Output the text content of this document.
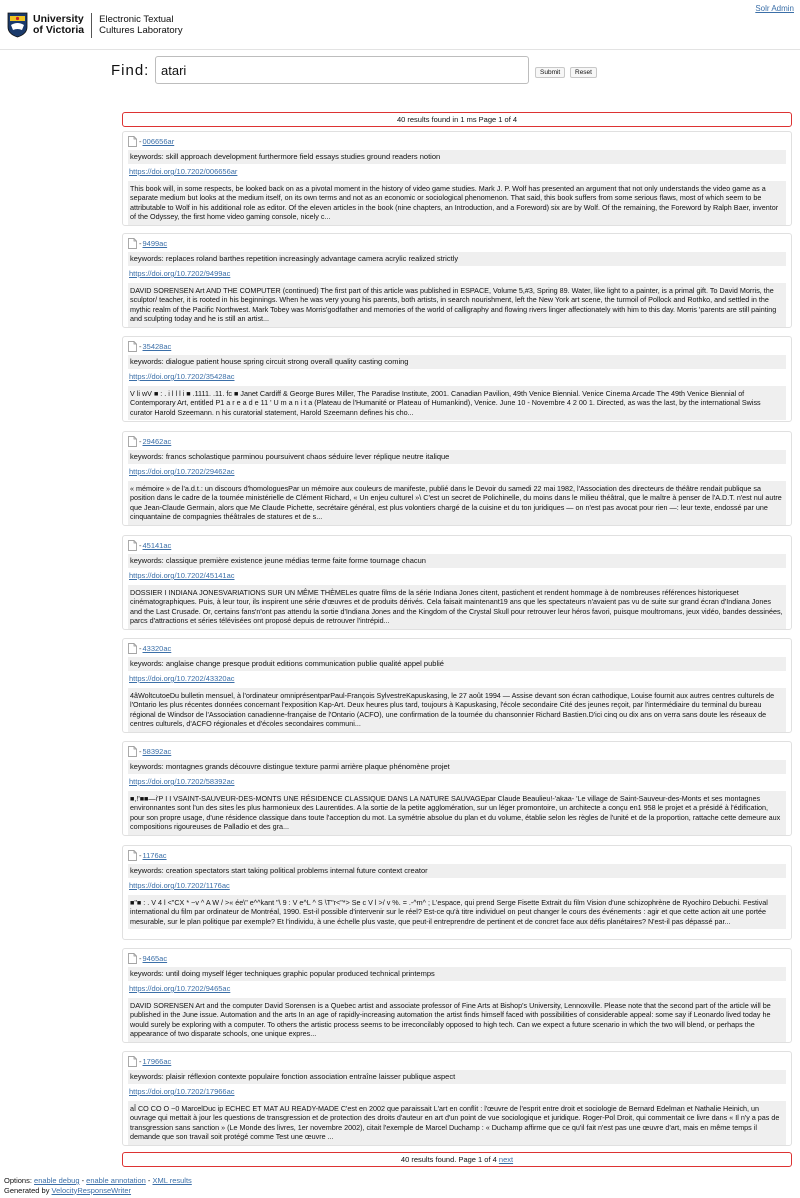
University
of Victoria
Electronic Textual
Cultures Laboratory
Solr Admin
Find:
atari	Submit	Reset
40 results found in 1 ms Page 1 of 4
- 006656ar
keywords: skill approach development furthermore field essays studies ground readers notion
https://doi.org/10.7202/006656ar
This book will, in some respects, be looked back on as a pivotal moment in the history of video game studies. Mark J. P. Wolf has presented an argument that not only understands the video game as a separate medium but looks at the medium itself, on its own terms and not as an economic or sociological phenomenon. That said, this book suffers from some serious flaws, most of which seem to be attributable to Wolf in his additional role as editor. Of the eleven articles in the book (nine chapters, an Introduction, and a Foreword) six are by Wolf. Of the remaining, the Foreword by Ralph Baer, inventor of the Odyssey, the first home video gaming console, nicely c...
- 9499ac
keywords: replaces roland barthes repetition increasingly advantage camera acrylic realized strictly
https://doi.org/10.7202/9499ac
DAVID SORENSEN Art AND THE COMPUTER (continued) The first part of this article was published in ESPACE, Volume 5,#3, Spring 89. Water, like light to a painter, is a primal gift. To David Morris, the sculptor/ teacher, it is rooted in his beginnings. When he was very young his parents, both artists, in search nourishment, left the New York art scene, the turmoil of Pollock and Rothko, and settled in the mythic realm of the Pacific Northwest. Mark Tobey was Morris'godfather and memories of the world of calligraphy and flowing rivers linger affectionately with him to this day. Morris 'parents are still painting and sculpting today and he is still an artist...
- 35428ac
keywords: dialogue patient house spring circuit strong overall quality casting coming
https://doi.org/10.7202/35428ac
V li wV ■ : . i l l l i ■ .1111. .11. fc ■ Janet Cardiff & George Bures Miller, The Paradise Institute, 2001. Canadian Pavilion, 49th Venice Biennial. Venice Cinema Arcade The 49th Venice Biennial of Contemporary Art, entitled P1 a r e a d e 11 ' U m a n i t a (Plateau de l'Humanité or Plateau of Humankind), Venice. June 10 - Novembre 4 2 00 1. Directed, as was the last, by the international Swiss curator Harold Szeemann. n his curatorial statement, Harold Szeemann defines his cho...
- 29462ac
keywords: francs scholastique parminou poursuivent chaos séduire lever réplique neutre italique
https://doi.org/10.7202/29462ac
« mémoire » de l'a.d.t.: un discours d'homologuesPar un mémoire aux couleurs de manifeste, publié dans le Devoir du samedi 22 mai 1982, l'Association des directeurs de théâtre rendait publique sa position dans le cadre de la tournée ministérielle de Clément Richard, « Un enjeu culturel »\ C'est un secret de Polichinelle, du moins dans le milieu théâtral, que le maître à penser de l'A.D.T. n'est nul autre que Jean-Claude Germain, alors que Me Claude Pichette, secrétaire général, est plus volontiers chargé de la cuisine et du ton juridiques — on n'est pas avocat pour rien —: leur texte, endossé par une cinquantaine de compagnies théâtrales de statures et de s...
- 45141ac
keywords: classique première existence jeune médias terme faite forme tournage chacun
https://doi.org/10.7202/45141ac
DOSSIER I INDIANA JONESVARIATIONS SUR UN MÊME THÈMELes quatre films de la série Indiana Jones citent, pastichent et rendent hommage à de nombreuses références historiqueset cinématographiques. Puis, à leur tour, ils inspirent une série d'œuvres et de produits dérivés. Cela faisait maintenant19 ans que les spectateurs n'avaient pas vu de suite sur grand écran d'Indiana Jones and the Last Crusade. Or, certains fans'n'ont pas attendu la sortie d'Indiana Jones and the Kingdom of the Crystal Skull pour retrouver leur héros favori, puisque moultromans, jeux vidéo, bandes dessinées, parcs d'attractions et séries télévisées ont proposé depuis de retrouver l'intrépid...
- 43320ac
keywords: anglaise change presque produit editions communication publie qualité appel publié
https://doi.org/10.7202/43320ac
4âWoltcutoeDu bulletin mensuel, à l'ordinateur omniprésentparPaul-François SylvestreKapuskasing, le 27 août 1994 — Assise devant son écran cathodique, Louise fournit aux autres centres culturels de l'Ontario les plus récentes données concernant l'exposition Kap-Art. Deux heures plus tard, toujours à Kapuskasing, l'école secondaire Cité des jeunes reçoit, par l'intermédiaire du terminal du bureau régional de Windsor de l'Association canadienne-française de l'Ontario (ACFO), une confirmation de la tournée du chansonnier Richard Bastien.D'ici cinq ou dix ans on verra sans doute les réseaux de centres culturels, d'ACFO régionales et d'écoles secondaires communi...
- 58392ac
keywords: montagnes grands découvre distingue texture parmi arrière plaque phénomène projet
https://doi.org/10.7202/58392ac
■,!'■■—i'P I I VSAINT-SAUVEUR-DES-MONTS UNE RÉSIDENCE CLASSIQUE DANS LA NATURE SAUVAGEpar Claude Beaulieu!-'akaa- 'Le village de Saint-Sauveur-des-Monts et ses montagnes environnantes sont l'un des sites les plus harmonieux des Laurentides. A la sortie de la petite agglomération, sur un léger promontoire, un architecte a conçu en1 958 le projet et a présidé à l'édification, pour son propre usage, d'une résidence classique dans toute l'acception du mot. La symétrie absolue du plan et du volume, établie selon les règles de l'unité et de la proportion, rattache cette demeure aux compositions rigoureuses de Palladio et des gra...
- 1176ac
keywords: creation spectators start taking political problems internal future context creator
https://doi.org/10.7202/1176ac
■"■ : . V 4 l <"CX * ~v ^ A W / >« ée\" e^^kant "\ 9 : V e^L ^ S \T"r<"*> Se c V l >/ v %. = .-^m^ ; L'espace, qui prend Serge Fisette Extrait du film Vision d'une schizophrène de Ryochiro Debuchi. Festival international du film par ordinateur de Montréal, 1990. Est-il possible d'intervenir sur le réel? Est-ce qu'à titre individuel on peut changer le cours des événements : agir et que cette action ait une portée mesurable, sur le plan politique par exemple? Et l'individu, à une échelle plus vaste, que peut-il entreprendre de pertinent et de concret face aux défis planétaires? N'est-il pas dépassé par...
- 9465ac
keywords: until doing myself léger techniques graphic popular produced technical printemps
https://doi.org/10.7202/9465ac
DAVID SORENSEN Art and the computer David Sorensen is a Quebec artist and associate professor of Fine Arts at Bishop's University, Lennoxville. Please note that the second part of the article will be published in the June issue. Automation and the arts In an age of rapidly-increasing automation the artist finds himself faced with possibilities of considerable appeal: some say if Leonardo lived today he would surely be exploring with a computer. To others the artistic process seems to be irreconcilably opposed to high tech. Can we expect a future scenario in which the two will blend, or perhaps the appearance of two disparate schools, one unique expres...
- 17966ac
keywords: plaisir réflexion contexte populaire fonction association entraîne laisser publique aspect
https://doi.org/10.7202/17966ac
aÎ CO CO O ~0 MarcelDuc ip ECHEC ET MAT AU READY-MADE C'est en 2002 que paraissait L'art en conflit : l'œuvre de l'esprit entre droit et sociologie de Bernard Edelman et Nathalie Heinich, un ouvrage qui mettait à jour les questions de transgression et de protection des droits d'auteur en art d'un point de vue sociologique et juridique. Roger-Pol Droit, qui commentait ce livre dans « Il n'y a pas de transgression sans sanction » (Le Monde des livres, 1er novembre 2002), citait l'exemple de Marcel Duchamp : « Duchamp affirme que ce qu'il fait n'est pas une œuvre d'art, mais en même temps il demande que son travail soit protégé comme Test une œuvre ...
40 results found. Page 1 of 4 next
Options: enable debug - enable annotation - XML results
Generated by VelocityResponseWriter
